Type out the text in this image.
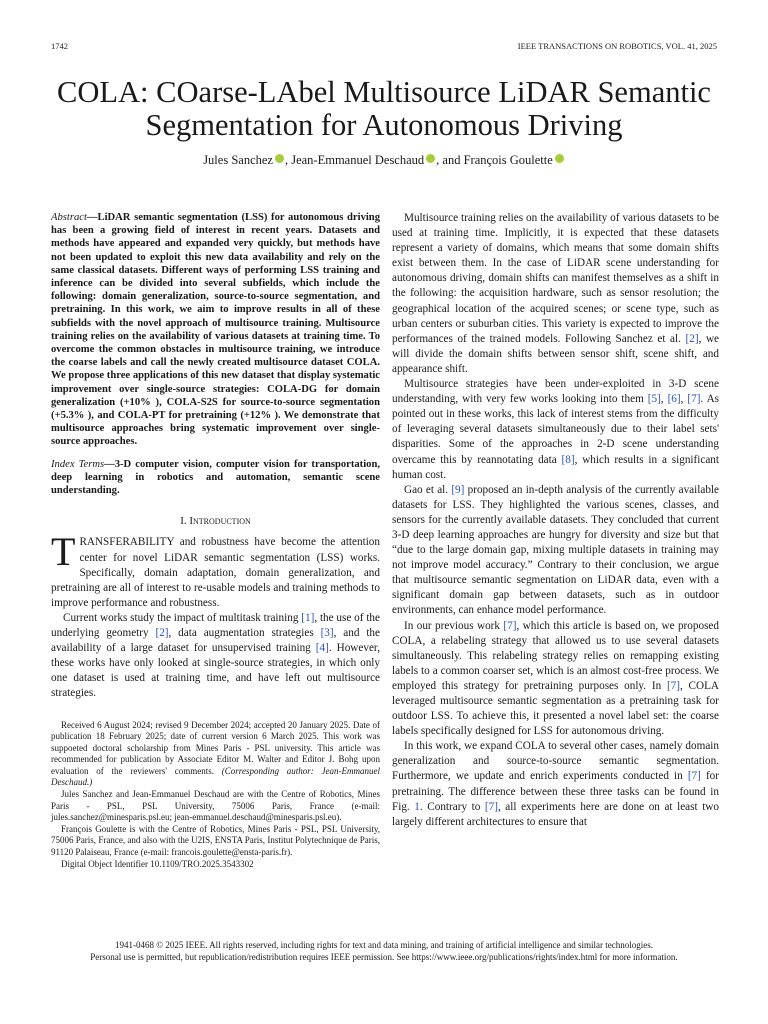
1742	IEEE TRANSACTIONS ON ROBOTICS, VOL. 41, 2025
COLA: COarse-LAbel Multisource LiDAR Semantic
Segmentation for Autonomous Driving
Jules Sanchez , Jean-Emmanuel Deschaud , and François Goulette

Abstract—LiDAR semantic segmentation (LSS) for autonomous driving has been a growing field of interest in recent years. Datasets and methods have appeared and expanded very quickly, but methods have not been updated to exploit this new data availability and rely on the same classical datasets. Different ways of performing LSS training and inference can be divided into several subfields, which include the following: domain generalization, source-to-source segmentation, and pretraining. In this work, we aim to improve results in all of these subfields with the novel approach of multisource training. Multisource training relies on the availability of various datasets at training time. To overcome the common obstacles in multisource training, we introduce the coarse labels and call the newly created multisource dataset COLA. We propose three applications of this new dataset that display systematic improvement over single-source strategies: COLA-DG for domain generalization (+10% ), COLA-S2S for source-to-source segmentation (+5.3% ), and COLA-PT for pretraining (+12% ). We demonstrate that multisource approaches bring systematic improvement over single-source approaches.

Index Terms—3-D computer vision, computer vision for transportation, deep learning in robotics and automation, semantic scene understanding.

I. Introduction

TRANSFERABILITY and robustness have become the attention center for novel LiDAR semantic segmentation (LSS) works. Specifically, domain adaptation, domain generalization, and pretraining are all of interest to re-usable models and training methods to improve performance and robustness.

Current works study the impact of multitask training [1], the use of the underlying geometry [2], data augmentation strategies [3], and the availability of a large dataset for unsupervised training [4]. However, these works have only looked at single-source strategies, in which only one dataset is used at training time, and have left out multisource strategies.

Received 6 August 2024; revised 9 December 2024; accepted 20 January 2025. Date of publication 18 February 2025; date of current version 6 March 2025. This work was suppoeted doctoral scholarship from Mines Paris - PSL university. This article was recommended for publication by Associate Editor M. Walter and Editor J. Bohg upon evaluation of the reviewers' comments. (Corresponding author: Jean-Emmanuel Deschaud.)

Jules Sanchez and Jean-Emmanuel Deschaud are with the Centre of Robotics, Mines Paris - PSL, PSL University, 75006 Paris, France (e-mail: jules.sanchez@minesparis.psl.eu; jean-emmanuel.deschaud@minesparis.psl.eu).

François Goulette is with the Centre of Robotics, Mines Paris - PSL, PSL University, 75006 Paris, France, and also with the U2IS, ENSTA Paris, Institut Polytechnique de Paris, 91120 Palaiseau, France (e-mail: francois.goulette@ensta-paris.fr).

Digital Object Identifier 10.1109/TRO.2025.3543302

Multisource training relies on the availability of various datasets to be used at training time. Implicitly, it is expected that these datasets represent a variety of domains, which means that some domain shifts exist between them. In the case of LiDAR scene understanding for autonomous driving, domain shifts can manifest themselves as a shift in the following: the acquisition hardware, such as sensor resolution; the geographical location of the acquired scenes; or scene type, such as urban centers or suburban cities. This variety is expected to improve the performances of the trained models. Following Sanchez et al. [2], we will divide the domain shifts between sensor shift, scene shift, and appearance shift.

Multisource strategies have been under-exploited in 3-D scene understanding, with very few works looking into them [5], [6], [7]. As pointed out in these works, this lack of interest stems from the difficulty of leveraging several datasets simultaneously due to their label sets' disparities. Some of the approaches in 2-D scene understanding overcame this by reannotating data [8], which results in a significant human cost.

Gao et al. [9] proposed an in-depth analysis of the currently available datasets for LSS. They highlighted the various scenes, classes, and sensors for the currently available datasets. They concluded that current 3-D deep learning approaches are hungry for diversity and size but that “due to the large domain gap, mixing multiple datasets in training may not improve model accuracy.” Contrary to their conclusion, we argue that multisource semantic segmentation on LiDAR data, even with a significant domain gap between datasets, such as in outdoor environments, can enhance model performance.

In our previous work [7], which this article is based on, we proposed COLA, a relabeling strategy that allowed us to use several datasets simultaneously. This relabeling strategy relies on remapping existing labels to a common coarser set, which is an almost cost-free process. We employed this strategy for pretraining purposes only. In [7], COLA leveraged multisource semantic segmentation as a pretraining task for outdoor LSS. To achieve this, it presented a novel label set: the coarse labels specifically designed for LSS for autonomous driving.

In this work, we expand COLA to several other cases, namely domain generalization and source-to-source semantic segmentation. Furthermore, we update and enrich experiments conducted in [7] for pretraining. The difference between these three tasks can be found in Fig. 1. Contrary to [7], all experiments here are done on at least two largely different architectures to ensure that

1941-0468 © 2025 IEEE. All rights reserved, including rights for text and data mining, and training of artificial intelligence and similar technologies.
Personal use is permitted, but republication/redistribution requires IEEE permission. See https://www.ieee.org/publications/rights/index.html for more information.
